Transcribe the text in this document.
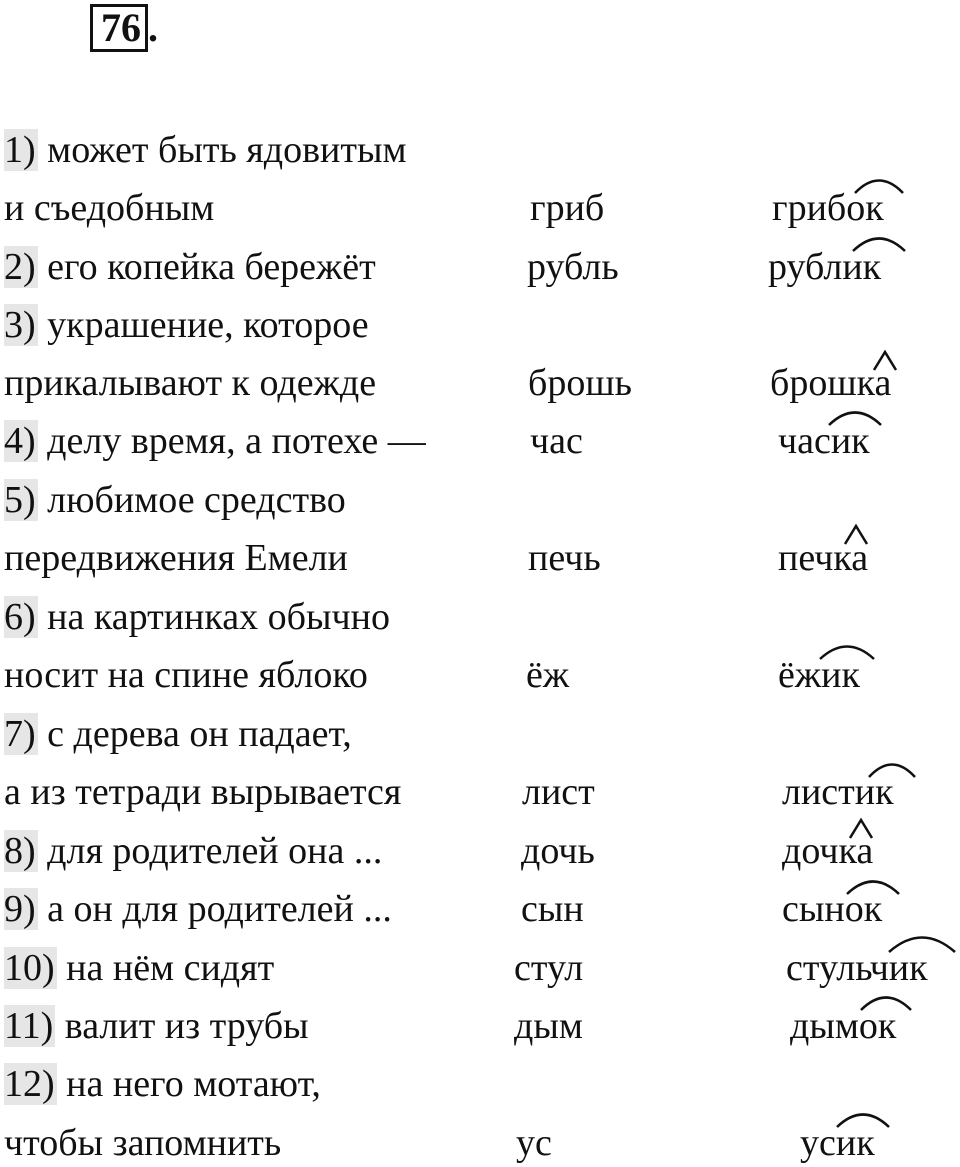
76 .
1) может быть ядовитым
и съедобным	гриб	грибок
2) его копейка бережёт	рубль	рублик
3) украшение, которое
прикалывают к одежде	брошь	брошка
4) делу время, а потехе —	час	часик
5) любимое средство
передвижения Емели	печь	печка
6) на картинках обычно
носит на спине яблоко	ёж	ёжик
7) с дерева он падает,
а из тетради вырывается	лист	листик
8) для родителей она ...	дочь	дочка
9) а он для родителей ...	сын	сынок
10) на нём сидят	стул	стульчик
11) валит из трубы	дым	дымок
12) на него мотают,
чтобы запомнить	ус	усик
